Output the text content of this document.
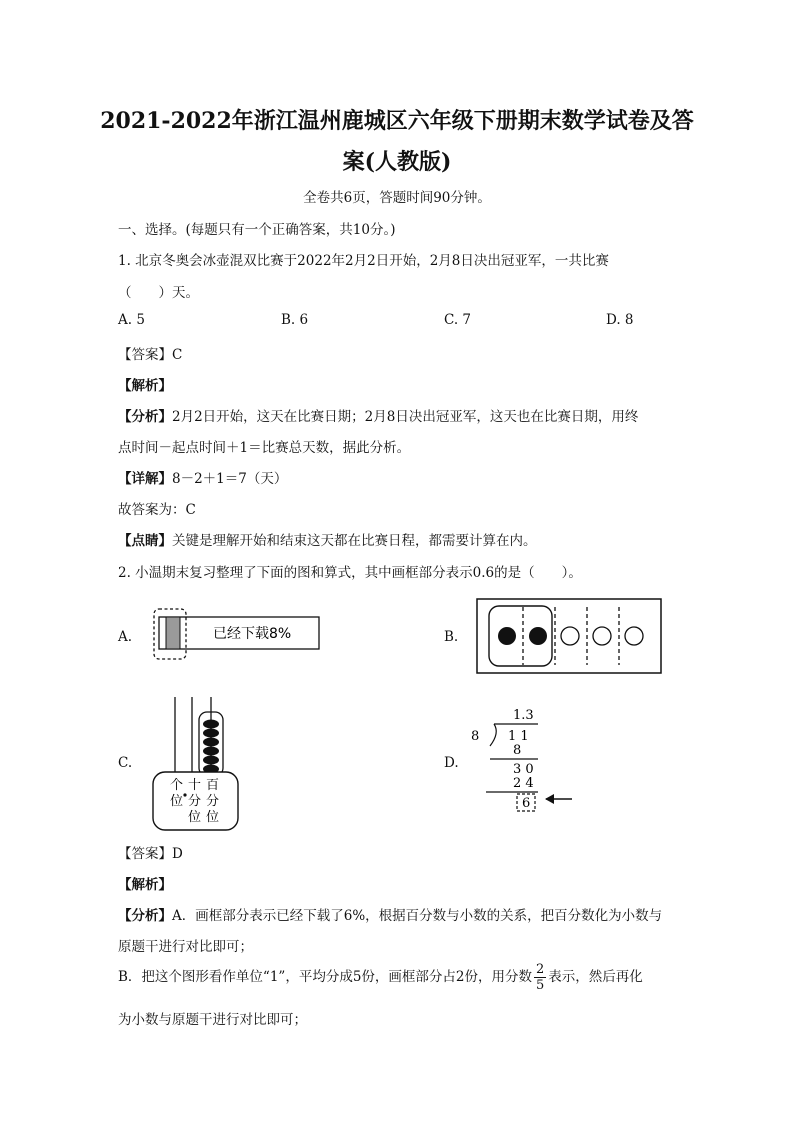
2021-2022年浙江温州鹿城区六年级下册期末数学试卷及答
案(人教版)
全卷共6页，答题时间90分钟。
一、选择。(每题只有一个正确答案，共10分。)
1. 北京冬奥会冰壶混双比赛于2022年2月2日开始，2月8日决出冠亚军，一共比赛
（　　）天。
A. 5	B. 6	C. 7	D. 8
【答案】C
【解析】
【分析】2月2日开始，这天在比赛日期；2月8日决出冠亚军，这天也在比赛日期，用终
点时间－起点时间＋1＝比赛总天数，据此分析。
【详解】8－2＋1＝7（天）
故答案为：C
【点睛】关键是理解开始和结束这天都在比赛日程，都需要计算在内。
2. 小温期末复习整理了下面的图和算式，其中画框部分表示0.6的是（　　）。
A.	已经下载8%	B.
C.
个
位
十
分
位
百
分
位
D.
1.3
8 1 1
8
3 0
2 4
6
【答案】D
【解析】
【分析】A．画框部分表示已经下载了6%，根据百分数与小数的关系，把百分数化为小数与
原题干进行对比即可；
B．把这个图形看作单位“1”，平均分成5份，画框部分占2份，用分数 $\frac{2}{5}$ 表示，然后再化
为小数与原题干进行对比即可；
